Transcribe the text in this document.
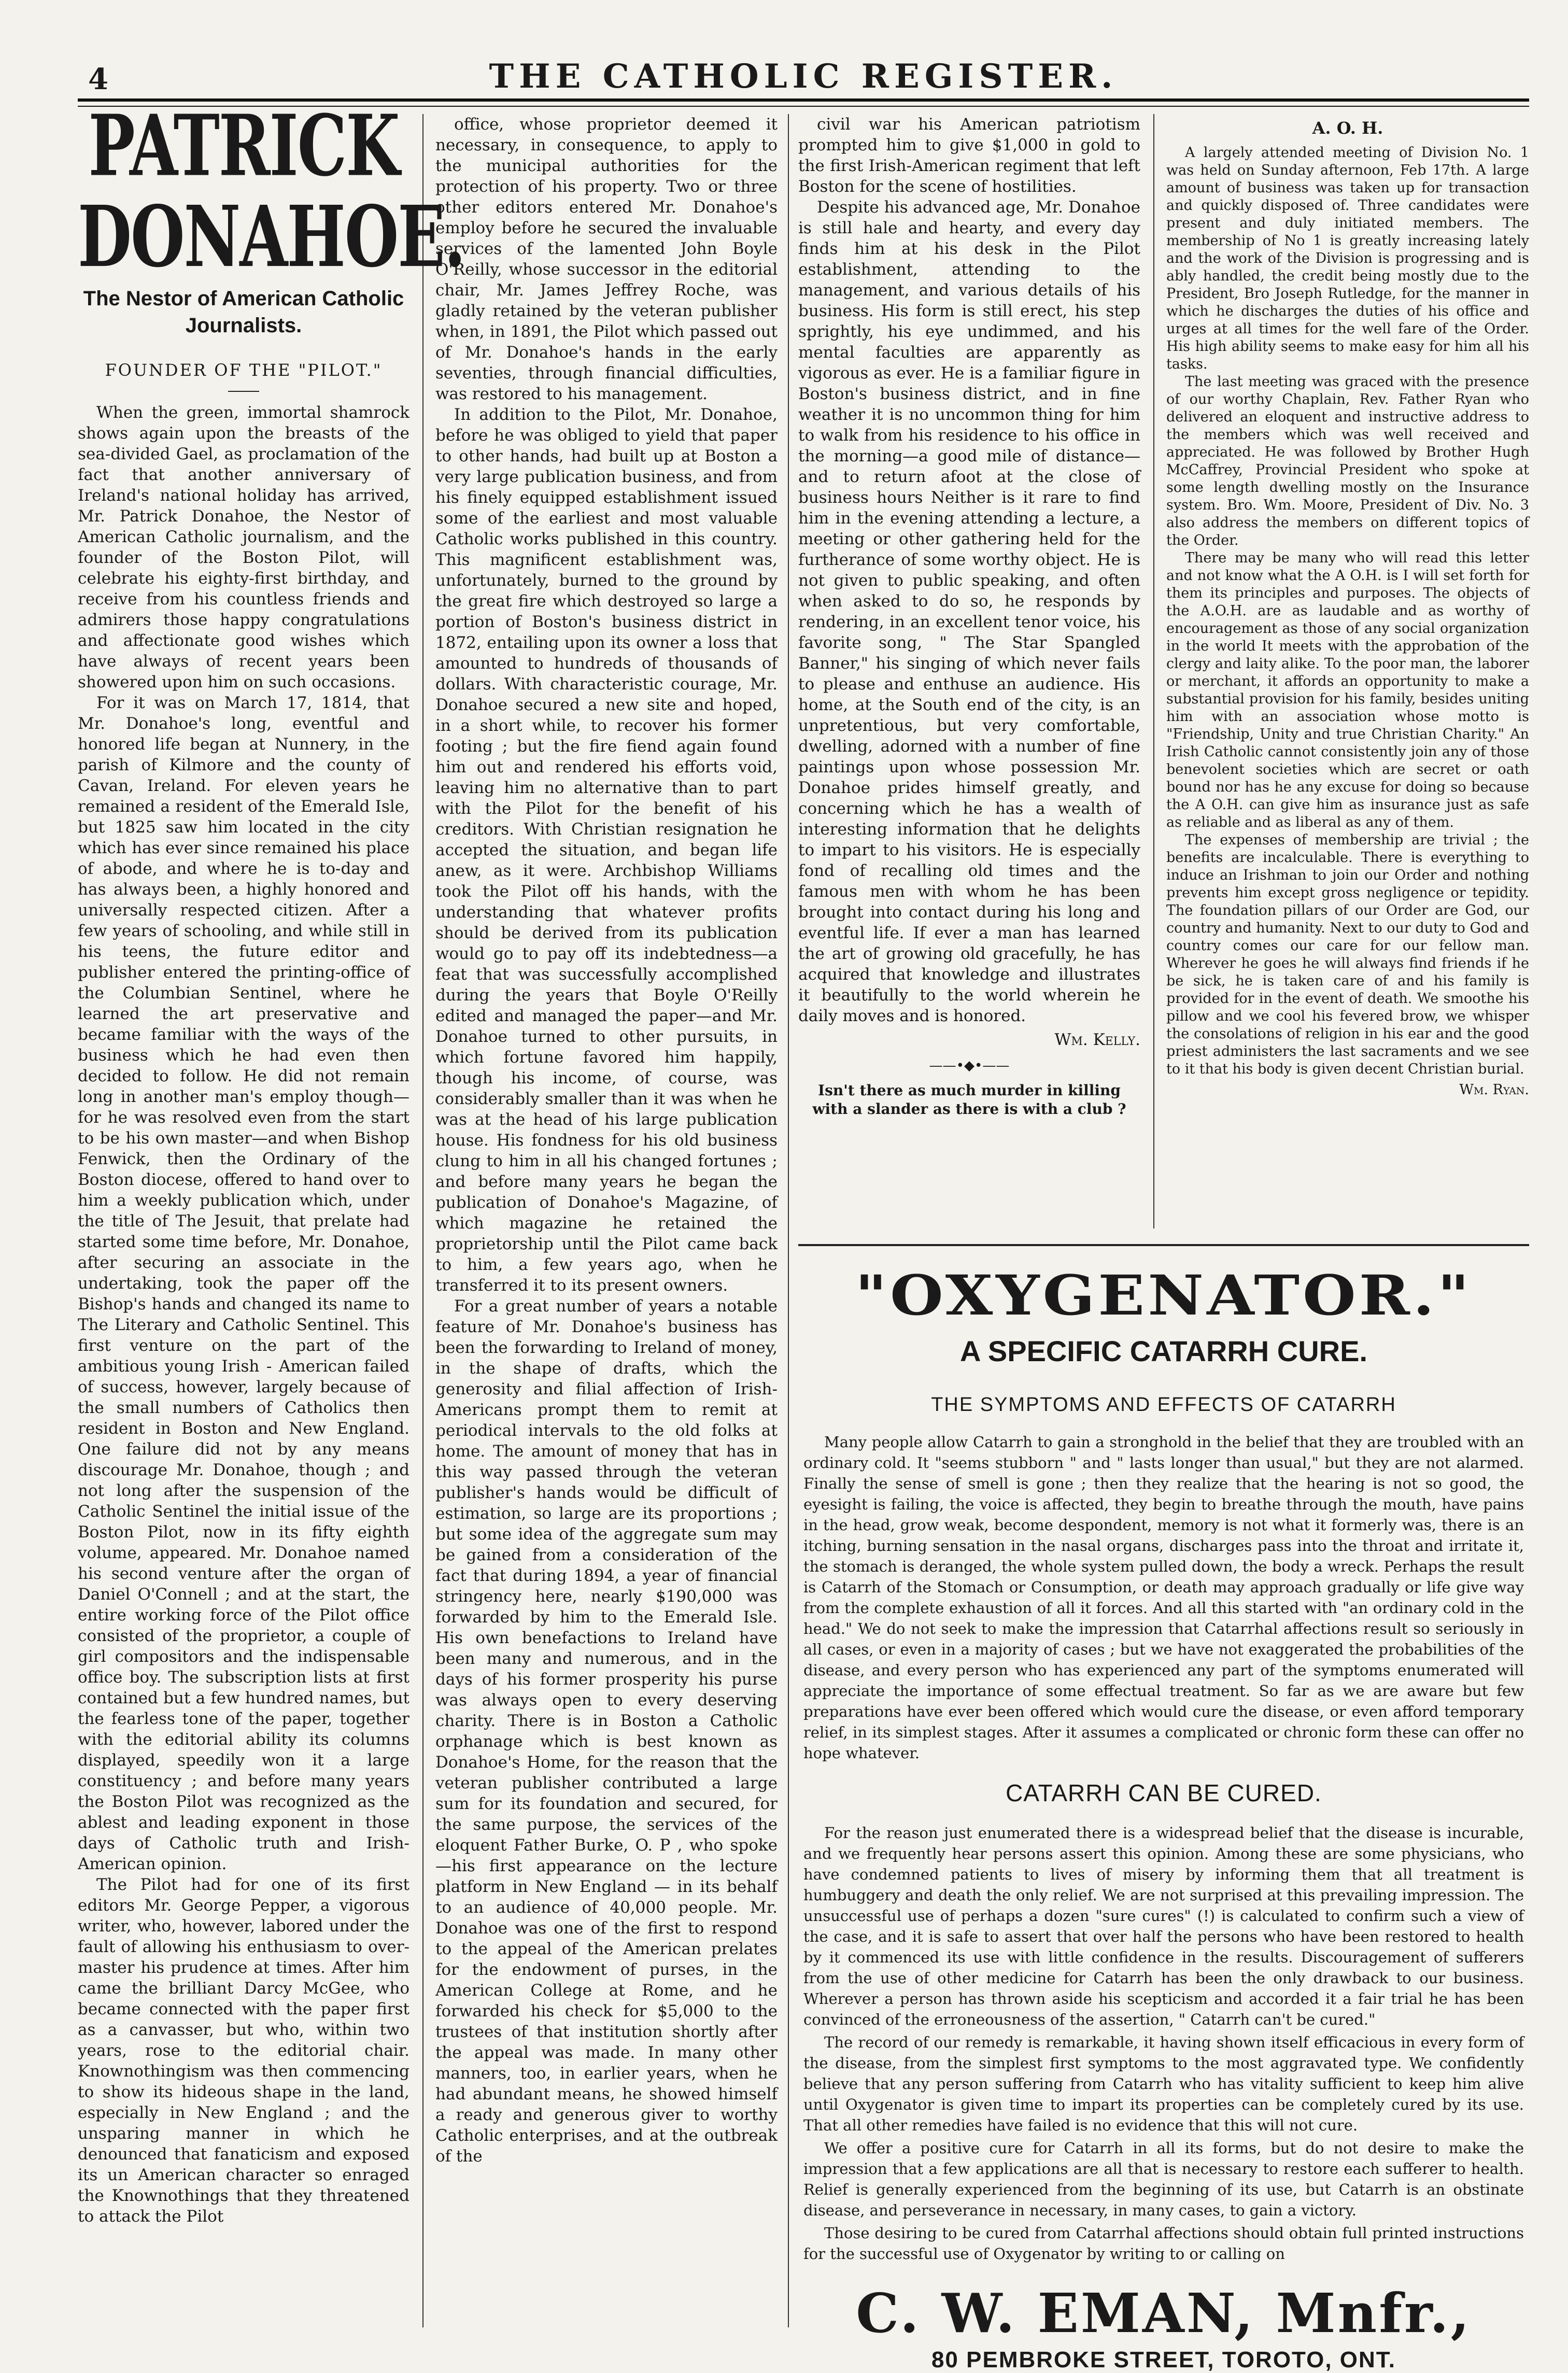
4	THE CATHOLIC REGISTER.
PATRICK DONAHOE.
The Nestor of American Catholic Journalists.
FOUNDER OF THE "PILOT."

When the green, immortal shamrock shows again upon the breasts of the sea-divided Gael, as proclamation of the fact that another anniversary of Ireland's national holiday has arrived, Mr. Patrick Donahoe, the Nestor of American Catholic journalism, and the founder of the Boston Pilot, will celebrate his eighty-first birthday, and receive from his countless friends and admirers those happy congratulations and affectionate good wishes which have always of recent years been showered upon him on such occasions.

For it was on March 17, 1814, that Mr. Donahoe's long, eventful and honored life began at Nunnery, in the parish of Kilmore and the county of Cavan, Ireland. For eleven years he remained a resident of the Emerald Isle, but 1825 saw him located in the city which has ever since remained his place of abode, and where he is to-day and has always been, a highly honored and universally respected citizen. After a few years of schooling, and while still in his teens, the future editor and publisher entered the printing-office of the Columbian Sentinel, where he learned the art preservative and became familiar with the ways of the business which he had even then decided to follow. He did not remain long in another man's employ though—for he was resolved even from the start to be his own master—and when Bishop Fenwick, then the Ordinary of the Boston diocese, offered to hand over to him a weekly publication which, under the title of The Jesuit, that prelate had started some time before, Mr. Donahoe, after securing an associate in the undertaking, took the paper off the Bishop's hands and changed its name to The Literary and Catholic Sentinel. This first venture on the part of the ambitious young Irish - American failed of success, however, largely because of the small numbers of Catholics then resident in Boston and New England. One failure did not by any means discourage Mr. Donahoe, though ; and not long after the suspension of the Catholic Sentinel the initial issue of the Boston Pilot, now in its fifty eighth volume, appeared. Mr. Donahoe named his second venture after the organ of Daniel O'Connell ; and at the start, the entire working force of the Pilot office consisted of the proprietor, a couple of girl compositors and the indispensable office boy. The subscription lists at first contained but a few hundred names, but the fearless tone of the paper, together with the editorial ability its columns displayed, speedily won it a large constituency ; and before many years the Boston Pilot was recognized as the ablest and leading exponent in those days of Catholic truth and Irish-American opinion.

The Pilot had for one of its first editors Mr. George Pepper, a vigorous writer, who, however, labored under the fault of allowing his enthusiasm to over-master his prudence at times. After him came the brilliant Darcy McGee, who became connected with the paper first as a canvasser, but who, within two years, rose to the editorial chair. Knownothingism was then commencing to show its hideous shape in the land, especially in New England ; and the unsparing manner in which he denounced that fanaticism and exposed its un American character so enraged the Knownothings that they threatened to attack the Pilot

office, whose proprietor deemed it necessary, in consequence, to apply to the municipal authorities for the protection of his property. Two or three other editors entered Mr. Donahoe's employ before he secured the invaluable services of the lamented John Boyle O'Reilly, whose successor in the editorial chair, Mr. James Jeffrey Roche, was gladly retained by the veteran publisher when, in 1891, the Pilot which passed out of Mr. Donahoe's hands in the early seventies, through financial difficulties, was restored to his management.

In addition to the Pilot, Mr. Donahoe, before he was obliged to yield that paper to other hands, had built up at Boston a very large publication business, and from his finely equipped establishment issued some of the earliest and most valuable Catholic works published in this country. This magnificent establishment was, unfortunately, burned to the ground by the great fire which destroyed so large a portion of Boston's business district in 1872, entailing upon its owner a loss that amounted to hundreds of thousands of dollars. With characteristic courage, Mr. Donahoe secured a new site and hoped, in a short while, to recover his former footing ; but the fire fiend again found him out and rendered his efforts void, leaving him no alternative than to part with the Pilot for the benefit of his creditors. With Christian resignation he accepted the situation, and began life anew, as it were. Archbishop Williams took the Pilot off his hands, with the understanding that whatever profits should be derived from its publication would go to pay off its indebtedness—a feat that was successfully accomplished during the years that Boyle O'Reilly edited and managed the paper—and Mr. Donahoe turned to other pursuits, in which fortune favored him happily, though his income, of course, was considerably smaller than it was when he was at the head of his large publication house. His fondness for his old business clung to him in all his changed fortunes ; and before many years he began the publication of Donahoe's Magazine, of which magazine he retained the proprietorship until the Pilot came back to him, a few years ago, when he transferred it to its present owners.

For a great number of years a notable feature of Mr. Donahoe's business has been the forwarding to Ireland of money, in the shape of drafts, which the generosity and filial affection of Irish-Americans prompt them to remit at periodical intervals to the old folks at home. The amount of money that has in this way passed through the veteran publisher's hands would be difficult of estimation, so large are its proportions ; but some idea of the aggregate sum may be gained from a consideration of the fact that during 1894, a year of financial stringency here, nearly $190,000 was forwarded by him to the Emerald Isle. His own benefactions to Ireland have been many and numerous, and in the days of his former prosperity his purse was always open to every deserving charity. There is in Boston a Catholic orphanage which is best known as Donahoe's Home, for the reason that the veteran publisher contributed a large sum for its foundation and secured, for the same purpose, the services of the eloquent Father Burke, O. P , who spoke —his first appearance on the lecture platform in New England — in its behalf to an audience of 40,000 people. Mr. Donahoe was one of the first to respond to the appeal of the American prelates for the endowment of purses, in the American College at Rome, and he forwarded his check for $5,000 to the trustees of that institution shortly after the appeal was made. In many other manners, too, in earlier years, when he had abundant means, he showed himself a ready and generous giver to worthy Catholic enterprises, and at the outbreak of the

civil war his American patriotism prompted him to give $1,000 in gold to the first Irish-American regiment that left Boston for the scene of hostilities.

Despite his advanced age, Mr. Donahoe is still hale and hearty, and every day finds him at his desk in the Pilot establishment, attending to the management, and various details of his business. His form is still erect, his step sprightly, his eye undimmed, and his mental faculties are apparently as vigorous as ever. He is a familiar figure in Boston's business district, and in fine weather it is no uncommon thing for him to walk from his residence to his office in the morning—a good mile of distance—and to return afoot at the close of business hours Neither is it rare to find him in the evening attending a lecture, a meeting or other gathering held for the furtherance of some worthy object. He is not given to public speaking, and often when asked to do so, he responds by rendering, in an excellent tenor voice, his favorite song, " The Star Spangled Banner," his singing of which never fails to please and enthuse an audience. His home, at the South end of the city, is an unpretentious, but very comfortable, dwelling, adorned with a number of fine paintings upon whose possession Mr. Donahoe prides himself greatly, and concerning which he has a wealth of interesting information that he delights to impart to his visitors. He is especially fond of recalling old times and the famous men with whom he has been brought into contact during his long and eventful life. If ever a man has learned the art of growing old gracefully, he has acquired that knowledge and illustrates it beautifully to the world wherein he daily moves and is honored.

Wm. Kelly.
——•◆•——
Isn't there as much murder in killing with a slander as there is with a club ?
A. O. H.

A largely attended meeting of Division No. 1 was held on Sunday afternoon, Feb 17th. A large amount of business was taken up for transaction and quickly disposed of. Three candidates were present and duly initiated members. The membership of No 1 is greatly increasing lately and the work of the Division is progressing and is ably handled, the credit being mostly due to the President, Bro Joseph Rutledge, for the manner in which he discharges the duties of his office and urges at all times for the well fare of the Order. His high ability seems to make easy for him all his tasks.

The last meeting was graced with the presence of our worthy Chaplain, Rev. Father Ryan who delivered an eloquent and instructive address to the members which was well received and appreciated. He was followed by Brother Hugh McCaffrey, Provincial President who spoke at some length dwelling mostly on the Insurance system. Bro. Wm. Moore, President of Div. No. 3 also address the members on different topics of the Order.

There may be many who will read this letter and not know what the A O.H. is I will set forth for them its principles and purposes. The objects of the A.O.H. are as laudable and as worthy of encouragement as those of any social organization in the world It meets with the approbation of the clergy and laity alike. To the poor man, the laborer or merchant, it affords an opportunity to make a substantial provision for his family, besides uniting him with an association whose motto is "Friendship, Unity and true Christian Charity." An Irish Catholic cannot consistently join any of those benevolent societies which are secret or oath bound nor has he any excuse for doing so because the A O.H. can give him as insurance just as safe as reliable and as liberal as any of them.

The expenses of membership are trivial ; the benefits are incalculable. There is everything to induce an Irishman to join our Order and nothing prevents him except gross negligence or tepidity. The foundation pillars of our Order are God, our country and humanity. Next to our duty to God and country comes our care for our fellow man. Wherever he goes he will always find friends if he be sick, he is taken care of and his family is provided for in the event of death. We smoothe his pillow and we cool his fevered brow, we whisper the consolations of religion in his ear and the good priest administers the last sacraments and we see to it that his body is given decent Christian burial.

Wm. Ryan.
"OXYGENATOR."
A SPECIFIC CATARRH CURE.
THE SYMPTOMS AND EFFECTS OF CATARRH

Many people allow Catarrh to gain a stronghold in the belief that they are troubled with an ordinary cold. It "seems stubborn " and " lasts longer than usual," but they are not alarmed. Finally the sense of smell is gone ; then they realize that the hearing is not so good, the eyesight is failing, the voice is affected, they begin to breathe through the mouth, have pains in the head, grow weak, become despondent, memory is not what it formerly was, there is an itching, burning sensation in the nasal organs, discharges pass into the throat and irritate it, the stomach is deranged, the whole system pulled down, the body a wreck. Perhaps the result is Catarrh of the Stomach or Consumption, or death may approach gradually or life give way from the complete exhaustion of all it forces. And all this started with "an ordinary cold in the head." We do not seek to make the impression that Catarrhal affections result so seriously in all cases, or even in a majority of cases ; but we have not exaggerated the probabilities of the disease, and every person who has experienced any part of the symptoms enumerated will appreciate the importance of some effectual treatment. So far as we are aware but few preparations have ever been offered which would cure the disease, or even afford temporary relief, in its simplest stages. After it assumes a complicated or chronic form these can offer no hope whatever.

CATARRH CAN BE CURED.

For the reason just enumerated there is a widespread belief that the disease is incurable, and we frequently hear persons assert this opinion. Among these are some physicians, who have condemned patients to lives of misery by informing them that all treatment is humbuggery and death the only relief. We are not surprised at this prevailing impression. The unsuccessful use of perhaps a dozen "sure cures" (!) is calculated to confirm such a view of the case, and it is safe to assert that over half the persons who have been restored to health by it commenced its use with little confidence in the results. Discouragement of sufferers from the use of other medicine for Catarrh has been the only drawback to our business. Wherever a person has thrown aside his scepticism and accorded it a fair trial he has been convinced of the erroneousness of the assertion, " Catarrh can't be cured."

The record of our remedy is remarkable, it having shown itself efficacious in every form of the disease, from the simplest first symptoms to the most aggravated type. We confidently believe that any person suffering from Catarrh who has vitality sufficient to keep him alive until Oxygenator is given time to impart its properties can be completely cured by its use. That all other remedies have failed is no evidence that this will not cure.

We offer a positive cure for Catarrh in all its forms, but do not desire to make the impression that a few applications are all that is necessary to restore each sufferer to health. Relief is generally experienced from the beginning of its use, but Catarrh is an obstinate disease, and perseverance in necessary, in many cases, to gain a victory.

Those desiring to be cured from Catarrhal affections should obtain full printed instructions for the successful use of Oxygenator by writing to or calling on

C. W. EMAN, Mnfr.,
80 PEMBROKE STREET, TOROTO, ONT.
